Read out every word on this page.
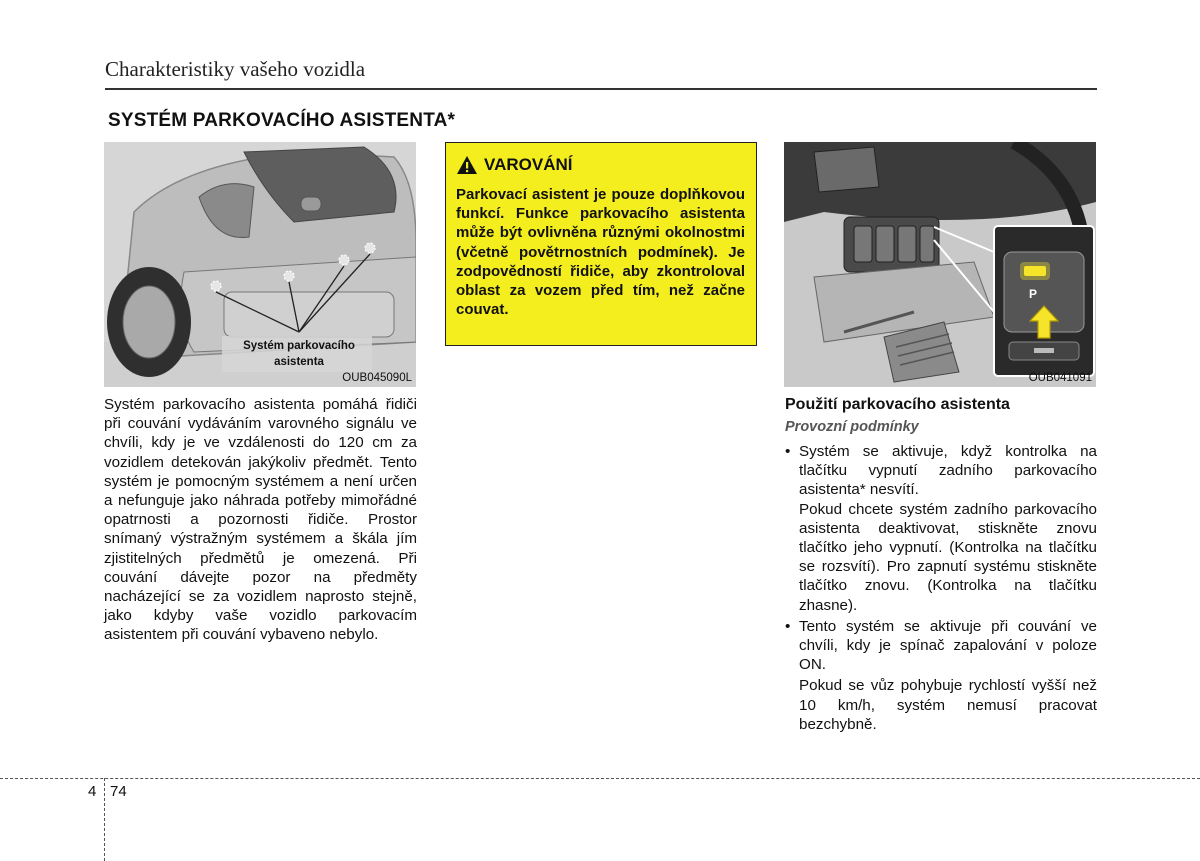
Charakteristiky vašeho vozidla
SYSTÉM PARKOVACÍHO ASISTENTA*
Systém parkovacího
asistenta
OUB045090L
Systém parkovacího asistenta pomáhá řidiči při couvání vydáváním varovného signálu ve chvíli, kdy je ve vzdálenosti do 120 cm za vozidlem detekován jakýkoliv předmět. Tento systém je pomocným systémem a není určen a nefunguje jako náhrada potřeby mimořádné opatrnosti a pozornosti řidiče. Prostor snímaný výstražným systémem a škála jím zjistitelných předmětů je omezená. Při couvání dávejte pozor na předměty nacházející se za vozidlem naprosto stejně, jako kdyby vaše vozidlo parkovacím asistentem při couvání vybaveno nebylo.
VAROVÁNÍ
Parkovací asistent je pouze doplňkovou funkcí. Funkce parkovacího asistenta může být ovlivněna různými okolnostmi (včetně povětrnostních podmínek). Je zodpovědností řidiče, aby zkontroloval oblast za vozem před tím, než začne couvat.
P
OUB041091
Použití parkovacího asistenta
Provozní podmínky
• Systém se aktivuje, když kontrolka na tlačítku vypnutí zadního parkovacího asistenta* nesvítí.
Pokud chcete systém zadního parkovacího asistenta deaktivovat, stiskněte znovu tlačítko jeho vypnutí. (Kontrolka na tlačítku se rozsvítí). Pro zapnutí systému stiskněte tlačítko znovu. (Kontrolka na tlačítku zhasne).
• Tento systém se aktivuje při couvání ve chvíli, kdy je spínač zapalování v poloze ON.
Pokud se vůz pohybuje rychlostí vyšší než 10 km/h, systém nemusí pracovat bezchybně.
4 74
